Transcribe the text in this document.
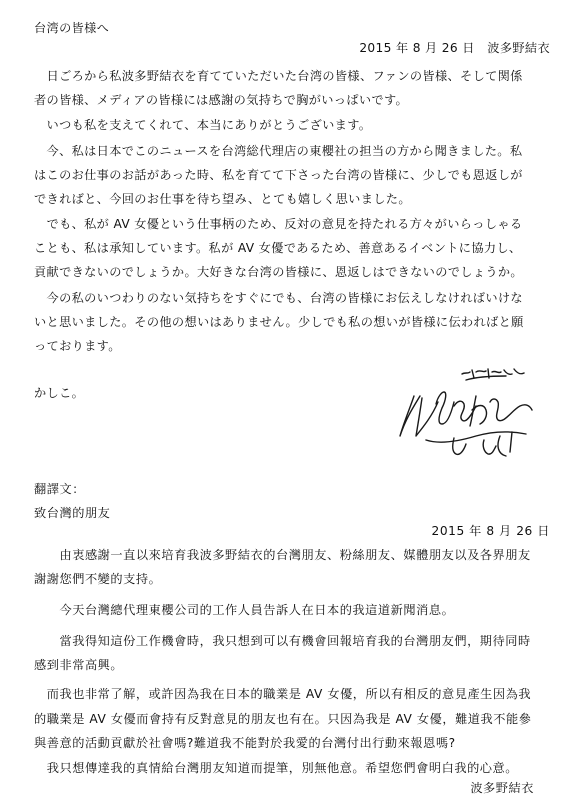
台湾の皆様へ
2015 年 8 月 26 日　波多野結衣
　日ごろから私波多野結衣を育てていただいた台湾の皆様、ファンの皆様、そして関係
者の皆様、メディアの皆様には感謝の気持ちで胸がいっぱいです。
　いつも私を支えてくれて、本当にありがとうございます。
　今、私は日本でこのニュースを台湾総代理店の東櫻社の担当の方から聞きました。私
はこのお仕事のお話があった時、私を育てて下さった台湾の皆様に、少しでも恩返しが
できればと、今回のお仕事を待ち望み、とても嬉しく思いました。
　でも、私が AV 女優という仕事柄のため、反対の意見を持たれる方々がいらっしゃる
ことも、私は承知しています。私が AV 女優であるため、善意あるイベントに協力し、
貢献できないのでしょうか。大好きな台湾の皆様に、恩返しはできないのでしょうか。
　今の私のいつわりのない気持ちをすぐにでも、台湾の皆様にお伝えしなければいけな
いと思いました。その他の想いはありません。少しでも私の想いが皆様に伝わればと願
っております。
かしこ。
翻譯文：
致台灣的朋友
2015 年 8 月 26 日
　　由衷感謝一直以來培育我波多野結衣的台灣朋友、粉絲朋友、媒體朋友以及各界朋友
謝謝您們不變的支持。
　　今天台灣總代理東櫻公司的工作人員告訴人在日本的我這道新聞消息。
　　當我得知這份工作機會時，我只想到可以有機會回報培育我的台灣朋友們，期待同時
感到非常高興。
　而我也非常了解，或許因為我在日本的職業是 AV 女優，所以有相反的意見產生因為我
的職業是 AV 女優而會持有反對意見的朋友也有在。只因為我是 AV 女優，難道我不能參
與善意的活動貢獻於社會嗎?難道我不能對於我愛的台灣付出行動來報恩嗎?
　我只想傳達我的真情給台灣朋友知道而提筆，別無他意。希望您們會明白我的心意。
波多野結衣
